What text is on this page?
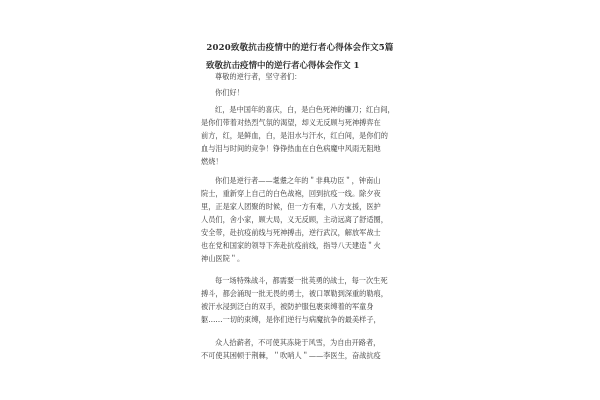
2020致敬抗击疫情中的逆行者心得体会作文5篇
致敬抗击疫情中的逆行者心得体会作文 1
尊敬的逆行者，坚守者们：
你们好！
红，是中国年的喜庆，白，是白色死神的镰刀；红白间，
是你们带着对热烈气氛的渴望，却义无反顾与死神搏弈在
前方，红，是鲜血，白，是泪水与汗水，红白间，是你们的
血与泪与时间的竞争！铮铮热血在白色病魔中风雨无阻地
燃烧！
你们是逆行者——耄耋之年的＂非典功臣＂，钟南山
院士，重新穿上自己的白色战袍，回到抗疫一线。除夕夜
里，正是家人团聚的时候，但一方有难，八方支援，医护
人员们，舍小家，顾大局，义无反顾，主动远离了舒适圈，
安全带，赴抗疫前线与死神搏击，逆行武汉，解放军战士
也在党和国家的领导下奔赴抗疫前线，指导八天建造＂火
神山医院＂。
每一场特殊战斗，都需要一批英勇的战士，每一次生死
搏斗，都会涌现一批无畏的勇士，被口罩勒到深重的勒痕，
被汗水浸到泛白的双手，被防护服包裹束缚着的军童身
躯……一切的束缚，是你们逆行与病魔抗争的最美样子，
众人拾薪者，不可使其冻毙于风雪，为自由开路者，
不可使其困顿于荆棘，＂吹哨人＂——李医生，奋战抗疫
